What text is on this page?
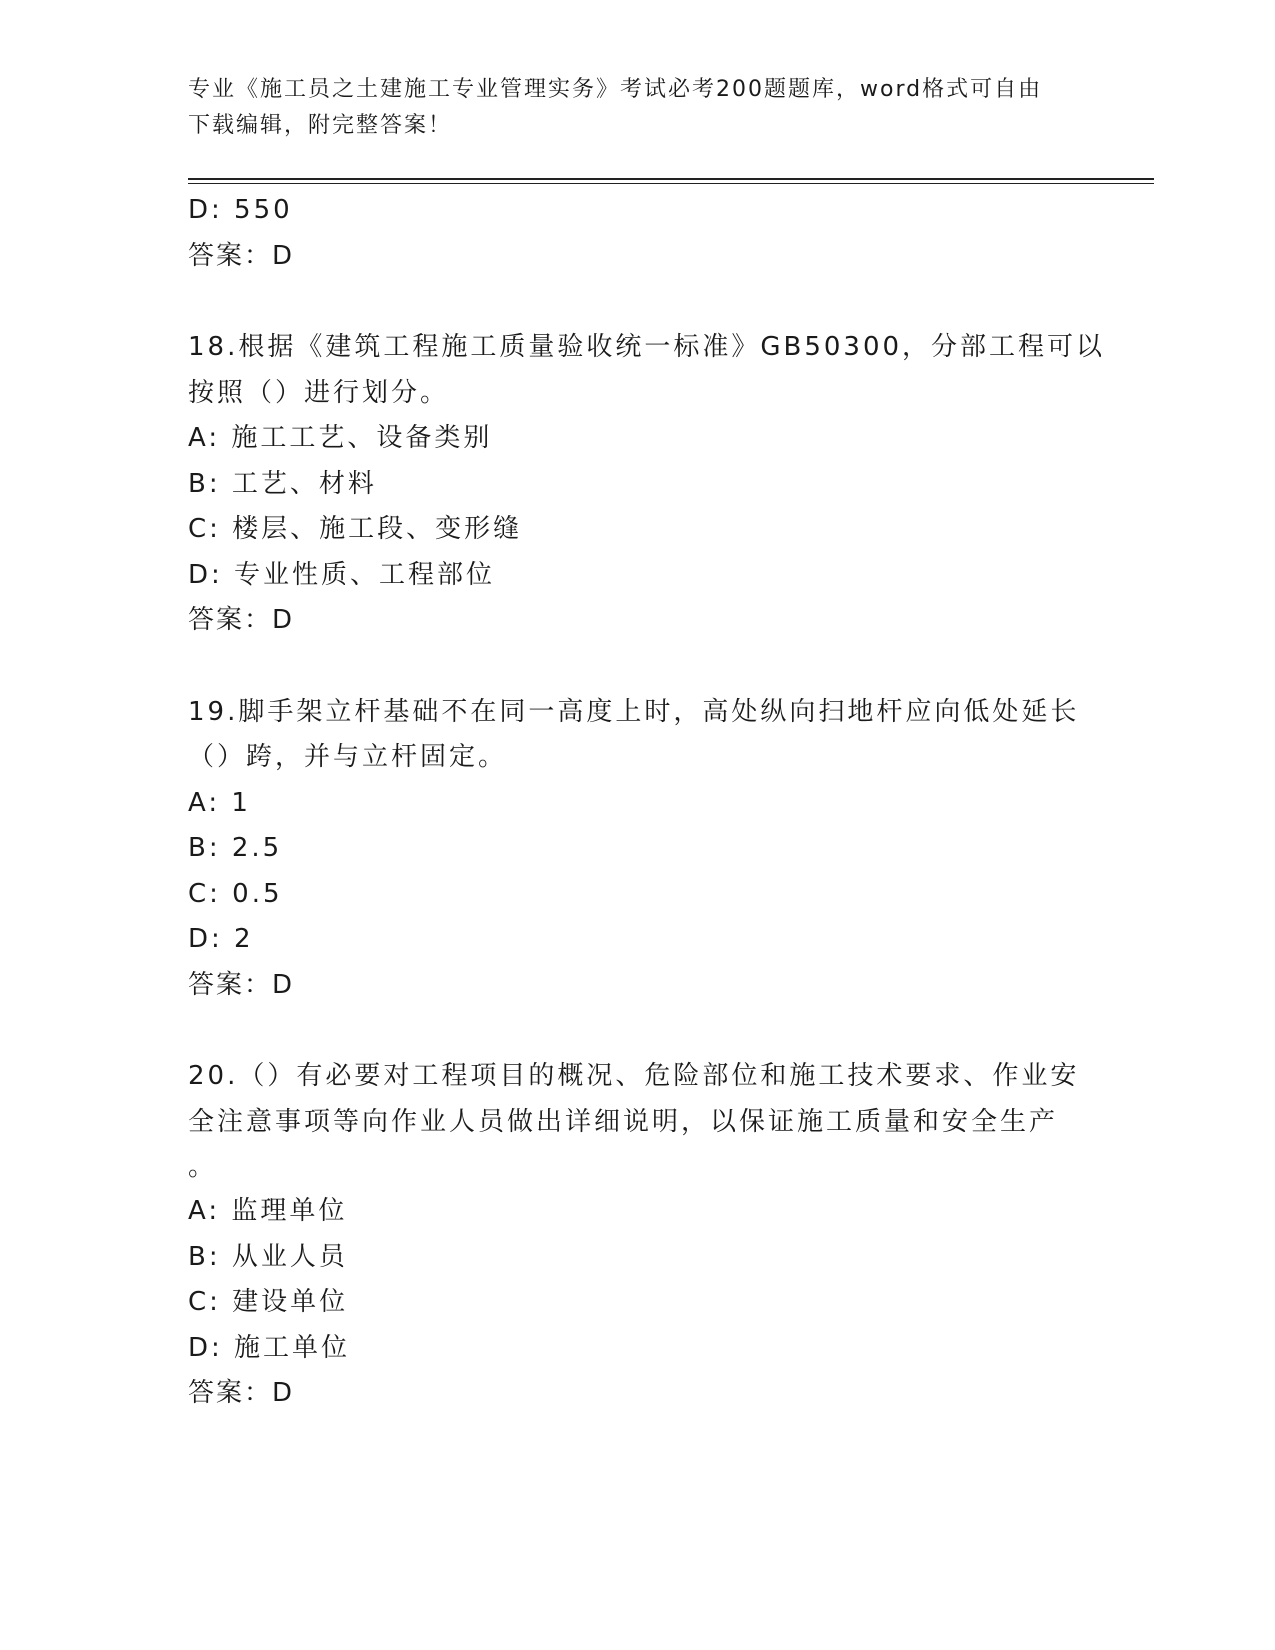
专业《施工员之土建施工专业管理实务》考试必考200题题库，word格式可自由
下载编辑，附完整答案！
D: 550
答案：D
18.根据《建筑工程施工质量验收统一标准》GB50300，分部工程可以
按照（）进行划分。
A: 施工工艺、设备类别
B: 工艺、材料
C: 楼层、施工段、变形缝
D: 专业性质、工程部位
答案：D
19.脚手架立杆基础不在同一高度上时，高处纵向扫地杆应向低处延长
（）跨，并与立杆固定。
A: 1
B: 2.5
C: 0.5
D: 2
答案：D
20.（）有必要对工程项目的概况、危险部位和施工技术要求、作业安
全注意事项等向作业人员做出详细说明，以保证施工质量和安全生产
。
A: 监理单位
B: 从业人员
C: 建设单位
D: 施工单位
答案：D
